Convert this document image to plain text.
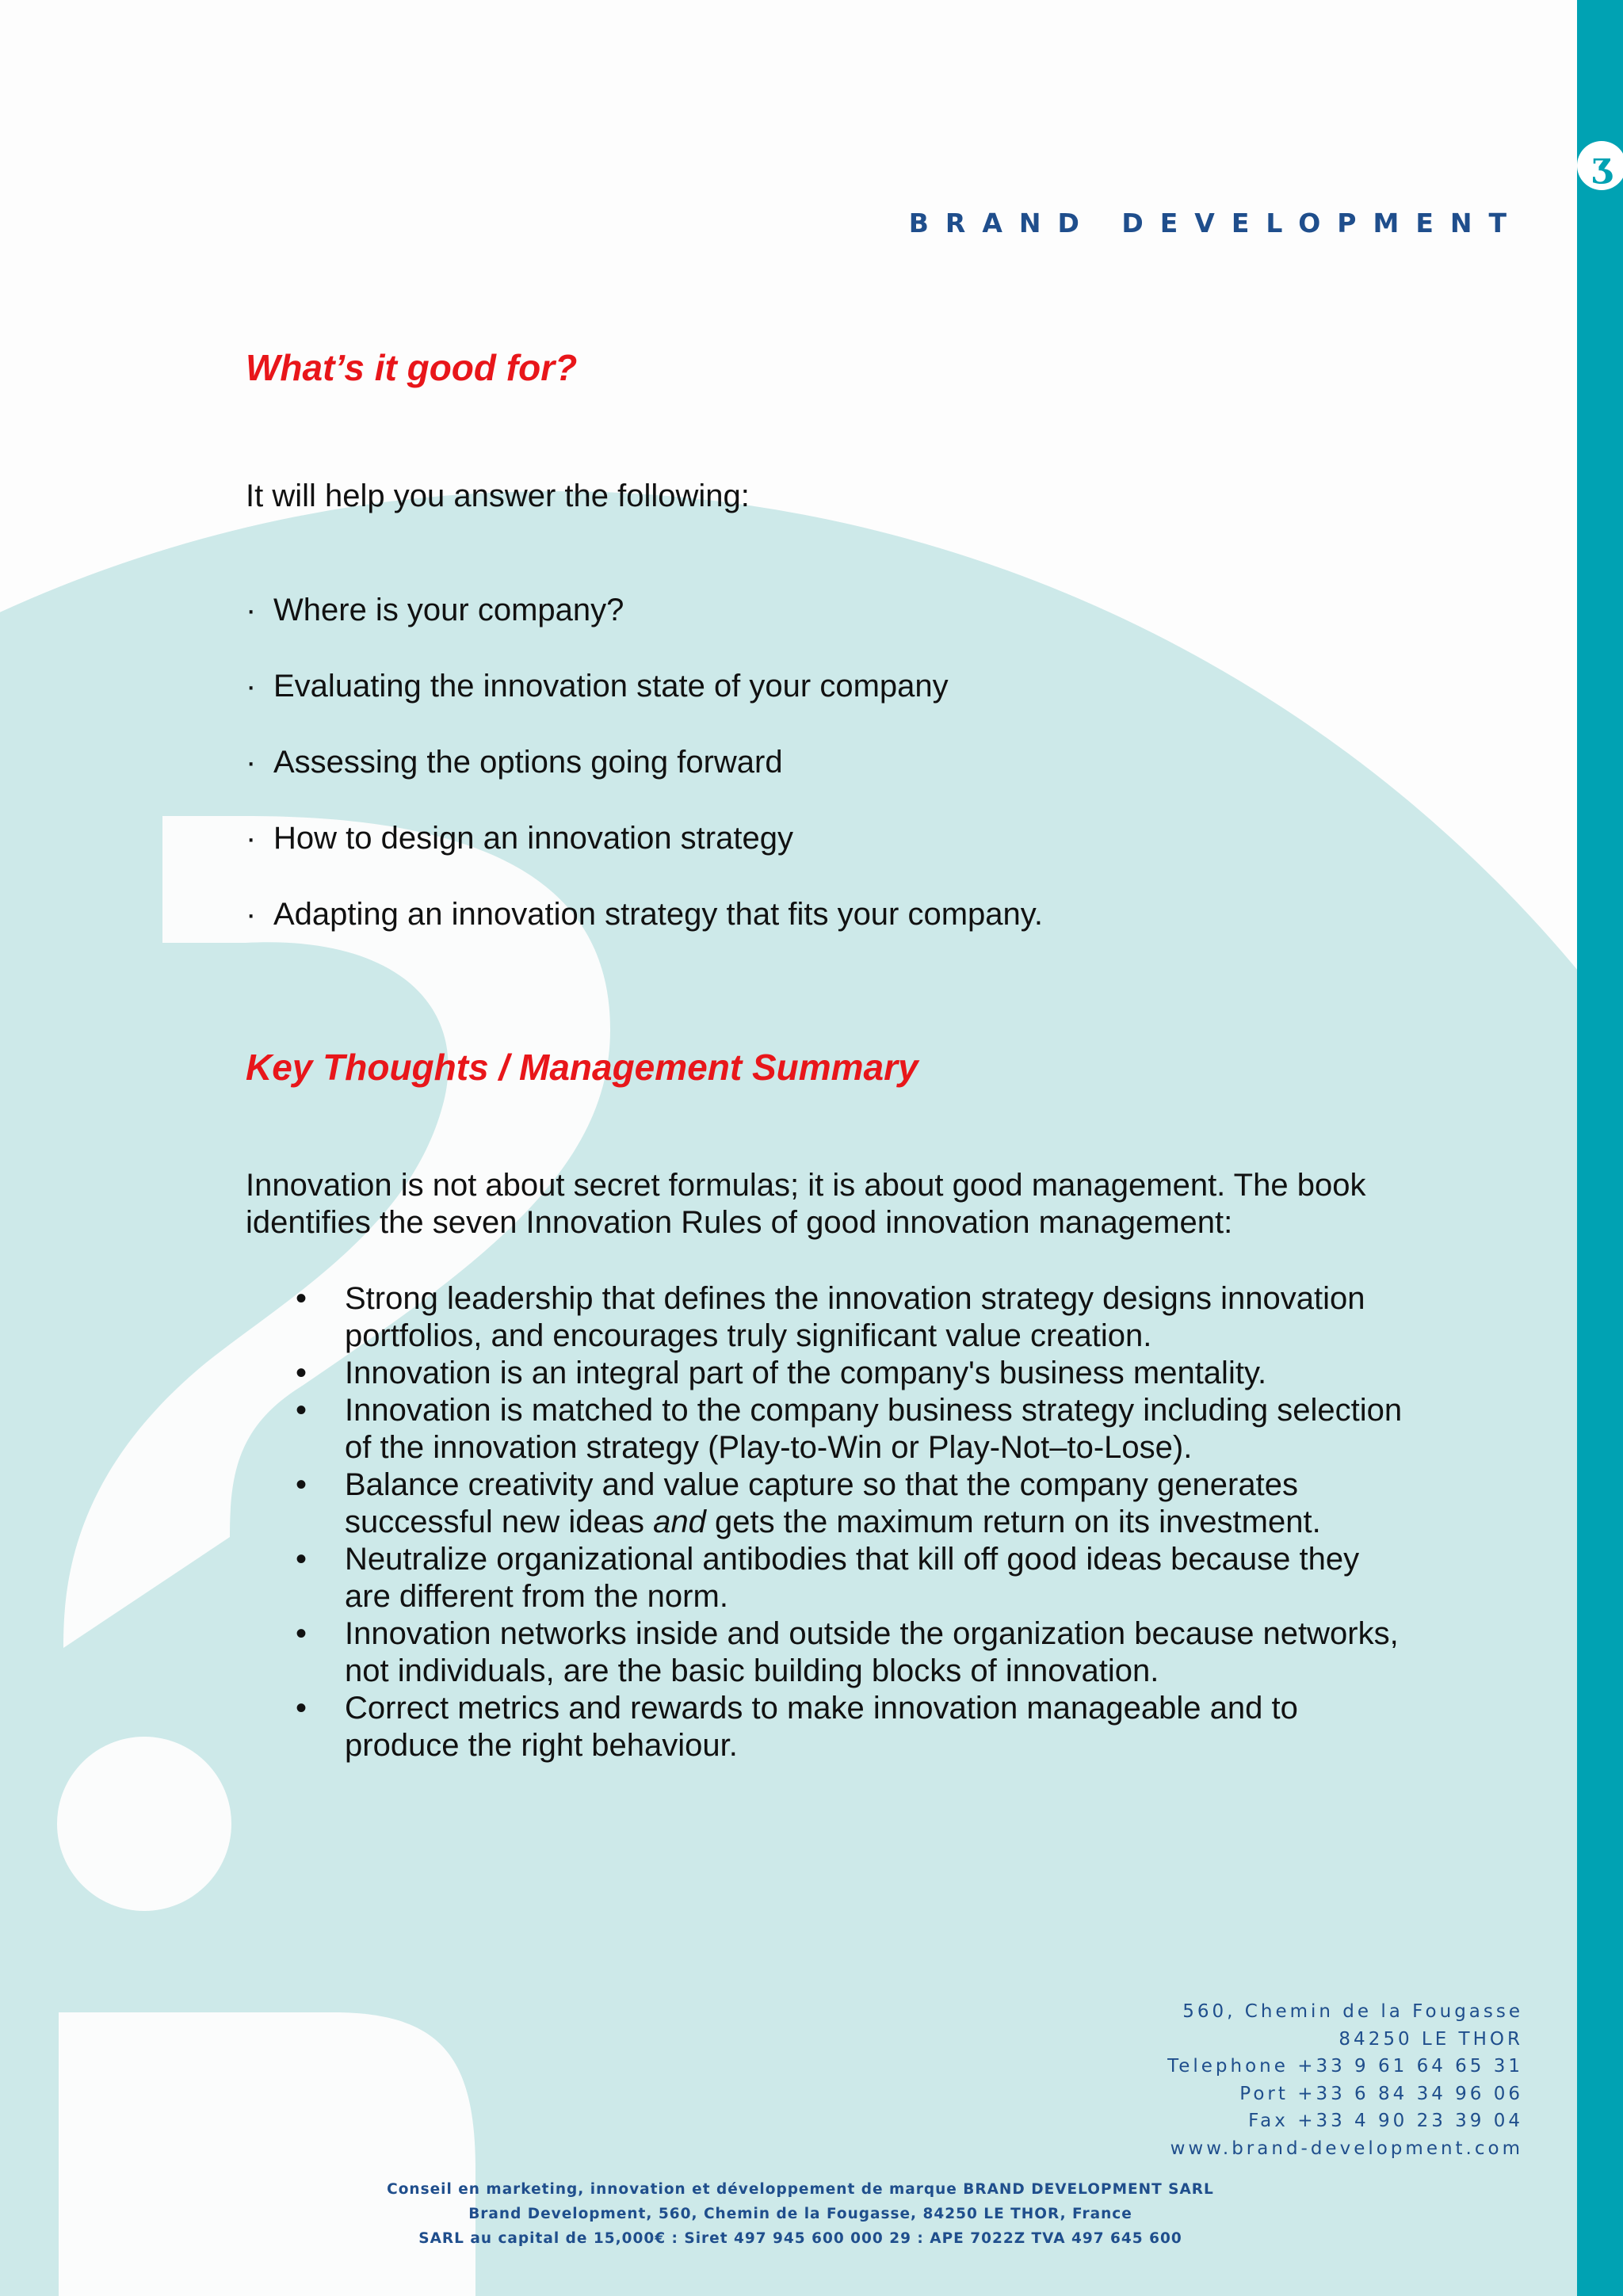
ʒ
BRAND DEVELOPMENT
What’s it good for?

It will help you answer the following:

· Where is your company?
· Evaluating the innovation state of your company
· Assessing the options going forward
· How to design an innovation strategy
· Adapting an innovation strategy that fits your company.
Key Thoughts / Management Summary

Innovation is not about secret formulas; it is about good management. The book identifies the seven Innovation Rules of good innovation management:

• Strong leadership that defines the innovation strategy designs innovation portfolios, and encourages truly significant value creation.
• Innovation is an integral part of the company's business mentality.
• Innovation is matched to the company business strategy including selection of the innovation strategy (Play-to-Win or Play-Not–to-Lose).
• Balance creativity and value capture so that the company generates successful new ideas and gets the maximum return on its investment.
• Neutralize organizational antibodies that kill off good ideas because they are different from the norm.
• Innovation networks inside and outside the organization because networks, not individuals, are the basic building blocks of innovation.
• Correct metrics and rewards to make innovation manageable and to produce the right behaviour.
560, Chemin de la Fougasse
84250 LE THOR
Telephone +33 9 61 64 65 31
Port +33 6 84 34 96 06
Fax +33 4 90 23 39 04
www.brand-development.com
Conseil en marketing, innovation et développement de marque BRAND DEVELOPMENT SARL
Brand Development, 560, Chemin de la Fougasse, 84250 LE THOR, France
SARL au capital de 15,000€ : Siret 497 945 600 000 29 : APE 7022Z TVA 497 645 600
